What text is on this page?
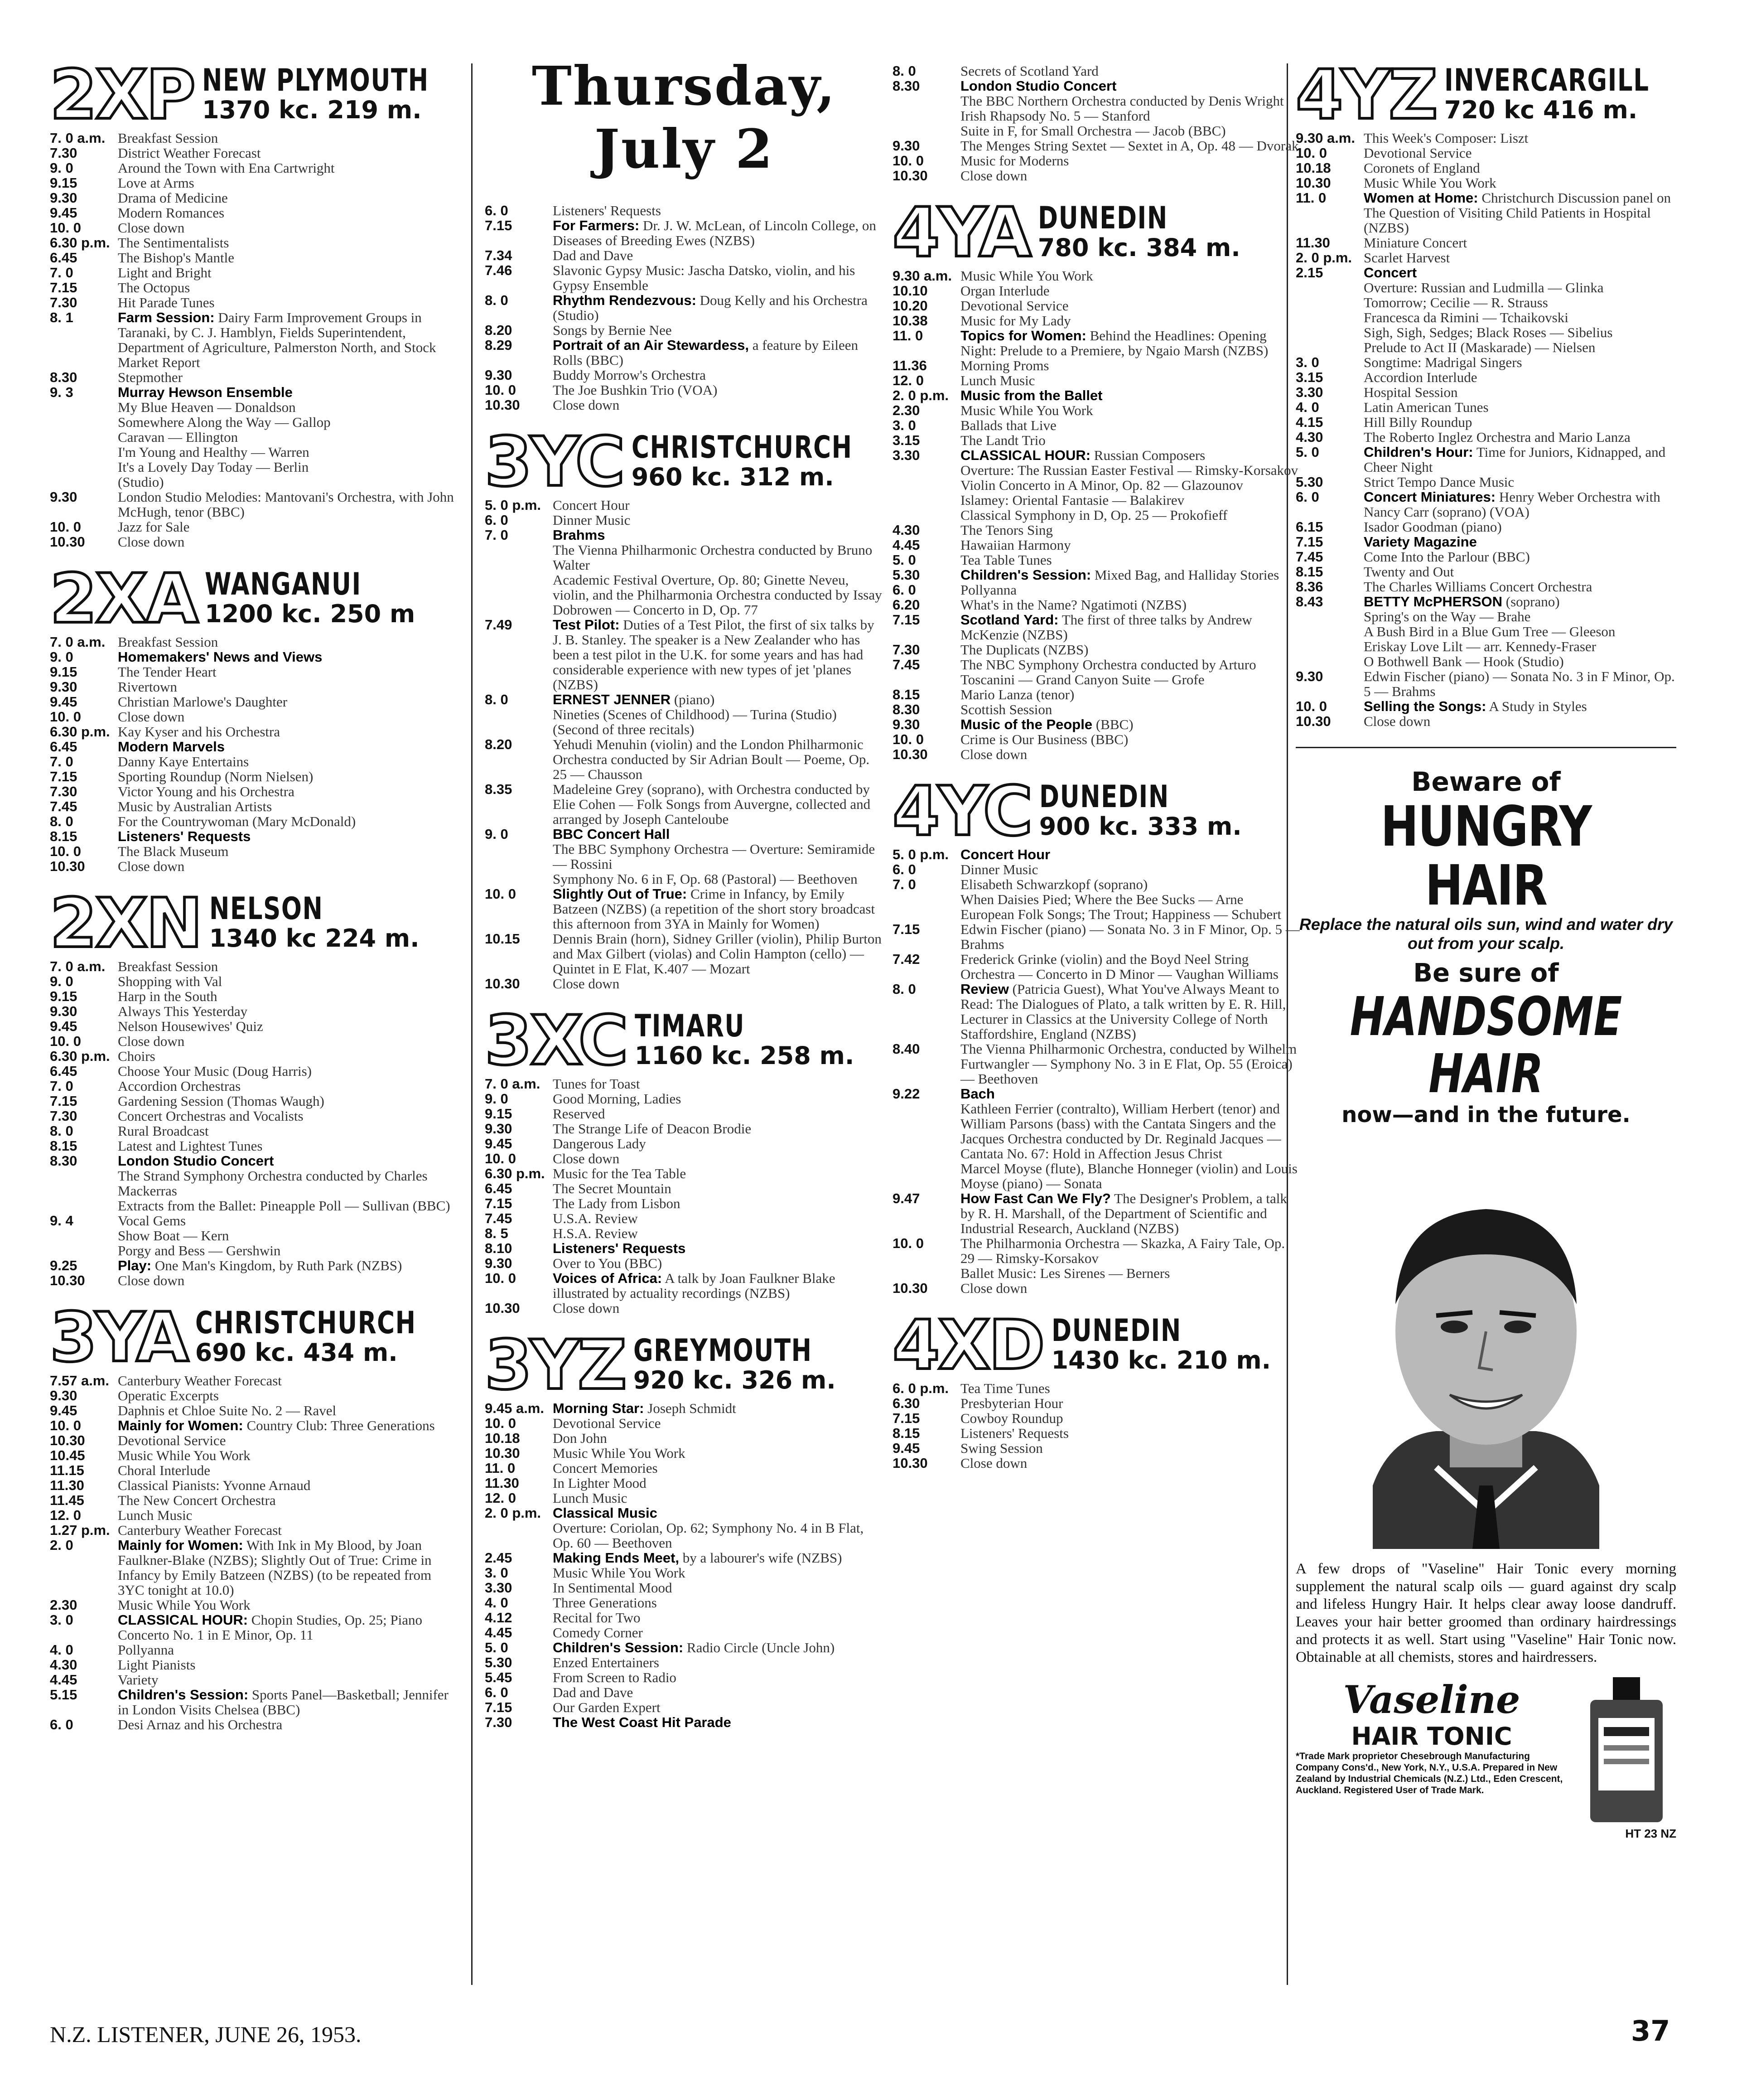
2XP NEW PLYMOUTH
1370 kc. 219 m.
7. 0 a.m. Breakfast Session
7.30	District Weather Forecast
9. 0	Around the Town with Ena Cartwright
9.15	Love at Arms
9.30	Drama of Medicine
9.45	Modern Romances
10. 0	Close down
6.30 p.m. The Sentimentalists
6.45	The Bishop's Mantle
7. 0	Light and Bright
7.15	The Octopus
7.30	Hit Parade Tunes
8. 1	Farm Session: Dairy Farm Improvement Groups in Taranaki, by C. J. Hamblyn, Fields Superintendent, Department of Agriculture, Palmerston North, and Stock Market Report
8.30	Stepmother
9. 3	Murray Hewson Ensemble
My Blue Heaven — Donaldson
Somewhere Along the Way — Gallop
Caravan — Ellington
I'm Young and Healthy — Warren
It's a Lovely Day Today — Berlin
(Studio)
9.30	London Studio Melodies: Mantovani's Orchestra, with John McHugh, tenor (BBC)
10. 0	Jazz for Sale
10.30	Close down
2XA WANGANUI
1200 kc. 250 m
7. 0 a.m. Breakfast Session
9. 0	Homemakers' News and Views
9.15	The Tender Heart
9.30	Rivertown
9.45	Christian Marlowe's Daughter
10. 0	Close down
6.30 p.m. Kay Kyser and his Orchestra
6.45	Modern Marvels
7. 0	Danny Kaye Entertains
7.15	Sporting Roundup (Norm Nielsen)
7.30	Victor Young and his Orchestra
7.45	Music by Australian Artists
8. 0	For the Countrywoman (Mary McDonald)
8.15	Listeners' Requests
10. 0	The Black Museum
10.30	Close down
2XN NELSON
1340 kc 224 m.
7. 0 a.m. Breakfast Session
9. 0	Shopping with Val
9.15	Harp in the South
9.30	Always This Yesterday
9.45	Nelson Housewives' Quiz
10. 0	Close down
6.30 p.m. Choirs
6.45	Choose Your Music (Doug Harris)
7. 0	Accordion Orchestras
7.15	Gardening Session (Thomas Waugh)
7.30	Concert Orchestras and Vocalists
8. 0	Rural Broadcast
8.15	Latest and Lightest Tunes
8.30	London Studio Concert
The Strand Symphony Orchestra conducted by Charles Mackerras
Extracts from the Ballet: Pineapple Poll — Sullivan (BBC)
9. 4	Vocal Gems
Show Boat — Kern
Porgy and Bess — Gershwin
9.25	Play: One Man's Kingdom, by Ruth Park (NZBS)
10.30	Close down
3YA CHRISTCHURCH
690 kc. 434 m.
7.57 a.m. Canterbury Weather Forecast
9.30	Operatic Excerpts
9.45	Daphnis et Chloe Suite No. 2 — Ravel
10. 0	Mainly for Women: Country Club: Three Generations
10.30	Devotional Service
10.45	Music While You Work
11.15	Choral Interlude
11.30	Classical Pianists: Yvonne Arnaud
11.45	The New Concert Orchestra
12. 0	Lunch Music
1.27 p.m. Canterbury Weather Forecast
2. 0	Mainly for Women: With Ink in My Blood, by Joan Faulkner-Blake (NZBS); Slightly Out of True: Crime in Infancy by Emily Batzeen (NZBS) (to be repeated from 3YC tonight at 10.0)
2.30	Music While You Work
3. 0	CLASSICAL HOUR: Chopin Studies, Op. 25; Piano Concerto No. 1 in E Minor, Op. 11
4. 0	Pollyanna
4.30	Light Pianists
4.45	Variety
5.15	Children's Session: Sports Panel—Basketball; Jennifer in London Visits Chelsea (BBC)
6. 0	Desi Arnaz and his Orchestra
Thursday, July 2
6. 0	Listeners' Requests
7.15	For Farmers: Dr. J. W. McLean, of Lincoln College, on Diseases of Breeding Ewes (NZBS)
7.34	Dad and Dave
7.46	Slavonic Gypsy Music: Jascha Datsko, violin, and his Gypsy Ensemble
8. 0	Rhythm Rendezvous: Doug Kelly and his Orchestra (Studio)
8.20	Songs by Bernie Nee
8.29	Portrait of an Air Stewardess, a feature by Eileen Rolls (BBC)
9.30	Buddy Morrow's Orchestra
10. 0	The Joe Bushkin Trio (VOA)
10.30	Close down
3YC CHRISTCHURCH
960 kc. 312 m.
5. 0 p.m. Concert Hour
6. 0	Dinner Music
7. 0	Brahms
The Vienna Philharmonic Orchestra conducted by Bruno Walter
Academic Festival Overture, Op. 80; Ginette Neveu, violin, and the Philharmonia Orchestra conducted by Issay Dobrowen — Concerto in D, Op. 77
7.49	Test Pilot: Duties of a Test Pilot, the first of six talks by J. B. Stanley. The speaker is a New Zealander who has been a test pilot in the U.K. for some years and has had considerable experience with new types of jet 'planes (NZBS)
8. 0	ERNEST JENNER (piano)
Nineties (Scenes of Childhood) — Turina (Studio)
(Second of three recitals)
8.20	Yehudi Menuhin (violin) and the London Philharmonic Orchestra conducted by Sir Adrian Boult — Poeme, Op. 25 — Chausson
8.35	Madeleine Grey (soprano), with Orchestra conducted by Elie Cohen — Folk Songs from Auvergne, collected and arranged by Joseph Canteloube
9. 0	BBC Concert Hall
The BBC Symphony Orchestra — Overture: Semiramide — Rossini
Symphony No. 6 in F, Op. 68 (Pastoral) — Beethoven
10. 0	Slightly Out of True: Crime in Infancy, by Emily Batzeen (NZBS) (a repetition of the short story broadcast this afternoon from 3YA in Mainly for Women)
10.15	Dennis Brain (horn), Sidney Griller (violin), Philip Burton and Max Gilbert (violas) and Colin Hampton (cello) — Quintet in E Flat, K.407 — Mozart
10.30	Close down
3XC TIMARU
1160 kc. 258 m.
7. 0 a.m. Tunes for Toast
9. 0	Good Morning, Ladies
9.15	Reserved
9.30	The Strange Life of Deacon Brodie
9.45	Dangerous Lady
10. 0	Close down
6.30 p.m. Music for the Tea Table
6.45	The Secret Mountain
7.15	The Lady from Lisbon
7.45	U.S.A. Review
8. 5	H.S.A. Review
8.10	Listeners' Requests
9.30	Over to You (BBC)
10. 0	Voices of Africa: A talk by Joan Faulkner Blake illustrated by actuality recordings (NZBS)
10.30	Close down
3YZ GREYMOUTH
920 kc. 326 m.
9.45 a.m. Morning Star: Joseph Schmidt
10. 0	Devotional Service
10.18	Don John
10.30	Music While You Work
11. 0	Concert Memories
11.30	In Lighter Mood
12. 0	Lunch Music
2. 0 p.m. Classical Music
Overture: Coriolan, Op. 62; Symphony No. 4 in B Flat, Op. 60 — Beethoven
2.45	Making Ends Meet, by a labourer's wife (NZBS)
3. 0	Music While You Work
3.30	In Sentimental Mood
4. 0	Three Generations
4.12	Recital for Two
4.45	Comedy Corner
5. 0	Children's Session: Radio Circle (Uncle John)
5.30	Enzed Entertainers
5.45	From Screen to Radio
6. 0	Dad and Dave
7.15	Our Garden Expert
7.30	The West Coast Hit Parade
8. 0	Secrets of Scotland Yard
8.30	London Studio Concert
The BBC Northern Orchestra conducted by Denis Wright
Irish Rhapsody No. 5 — Stanford
Suite in F, for Small Orchestra — Jacob (BBC)
9.30	The Menges String Sextet — Sextet in A, Op. 48 — Dvorak
10. 0	Music for Moderns
10.30	Close down
4YA DUNEDIN
780 kc. 384 m.
9.30 a.m. Music While You Work
10.10	Organ Interlude
10.20	Devotional Service
10.38	Music for My Lady
11. 0	Topics for Women: Behind the Headlines: Opening Night: Prelude to a Premiere, by Ngaio Marsh (NZBS)
11.36	Morning Proms
12. 0	Lunch Music
2. 0 p.m. Music from the Ballet
2.30	Music While You Work
3. 0	Ballads that Live
3.15	The Landt Trio
3.30	CLASSICAL HOUR: Russian Composers
Overture: The Russian Easter Festival — Rimsky-Korsakov
Violin Concerto in A Minor, Op. 82 — Glazounov
Islamey: Oriental Fantasie — Balakirev
Classical Symphony in D, Op. 25 — Prokofieff
4.30	The Tenors Sing
4.45	Hawaiian Harmony
5. 0	Tea Table Tunes
5.30	Children's Session: Mixed Bag, and Halliday Stories
6. 0	Pollyanna
6.20	What's in the Name? Ngatimoti (NZBS)
7.15	Scotland Yard: The first of three talks by Andrew McKenzie (NZBS)
7.30	The Duplicats (NZBS)
7.45	The NBC Symphony Orchestra conducted by Arturo Toscanini — Grand Canyon Suite — Grofe
8.15	Mario Lanza (tenor)
8.30	Scottish Session
9.30	Music of the People (BBC)
10. 0	Crime is Our Business (BBC)
10.30	Close down
4YC DUNEDIN
900 kc. 333 m.
5. 0 p.m. Concert Hour
6. 0	Dinner Music
7. 0	Elisabeth Schwarzkopf (soprano)
When Daisies Pied; Where the Bee Sucks — Arne
European Folk Songs; The Trout; Happiness — Schubert
7.15	Edwin Fischer (piano) — Sonata No. 3 in F Minor, Op. 5 — Brahms
7.42	Frederick Grinke (violin) and the Boyd Neel String Orchestra — Concerto in D Minor — Vaughan Williams
8. 0	Review (Patricia Guest), What You've Always Meant to Read: The Dialogues of Plato, a talk written by E. R. Hill, Lecturer in Classics at the University College of North Staffordshire, England (NZBS)
8.40	The Vienna Philharmonic Orchestra, conducted by Wilhelm Furtwangler — Symphony No. 3 in E Flat, Op. 55 (Eroica) — Beethoven
9.22	Bach
Kathleen Ferrier (contralto), William Herbert (tenor) and William Parsons (bass) with the Cantata Singers and the Jacques Orchestra conducted by Dr. Reginald Jacques — Cantata No. 67: Hold in Affection Jesus Christ
Marcel Moyse (flute), Blanche Honneger (violin) and Louis Moyse (piano) — Sonata
9.47	How Fast Can We Fly? The Designer's Problem, a talk by R. H. Marshall, of the Department of Scientific and Industrial Research, Auckland (NZBS)
10. 0	The Philharmonia Orchestra — Skazka, A Fairy Tale, Op. 29 — Rimsky-Korsakov
Ballet Music: Les Sirenes — Berners
10.30	Close down
4XD DUNEDIN
1430 kc. 210 m.
6. 0 p.m. Tea Time Tunes
6.30	Presbyterian Hour
7.15	Cowboy Roundup
8.15	Listeners' Requests
9.45	Swing Session
10.30	Close down
4YZ INVERCARGILL
720 kc 416 m.
9.30 a.m. This Week's Composer: Liszt
10. 0	Devotional Service
10.18	Coronets of England
10.30	Music While You Work
11. 0	Women at Home: Christchurch Discussion panel on The Question of Visiting Child Patients in Hospital (NZBS)
11.30	Miniature Concert
2. 0 p.m. Scarlet Harvest
2.15	Concert
Overture: Russian and Ludmilla — Glinka
Tomorrow; Cecilie — R. Strauss
Francesca da Rimini — Tchaikovski
Sigh, Sigh, Sedges; Black Roses — Sibelius
Prelude to Act II (Maskarade) — Nielsen
3. 0	Songtime: Madrigal Singers
3.15	Accordion Interlude
3.30	Hospital Session
4. 0	Latin American Tunes
4.15	Hill Billy Roundup
4.30	The Roberto Inglez Orchestra and Mario Lanza
5. 0	Children's Hour: Time for Juniors, Kidnapped, and Cheer Night
5.30	Strict Tempo Dance Music
6. 0	Concert Miniatures: Henry Weber Orchestra with Nancy Carr (soprano) (VOA)
6.15	Isador Goodman (piano)
7.15	Variety Magazine
7.45	Come Into the Parlour (BBC)
8.15	Twenty and Out
8.36	The Charles Williams Concert Orchestra
8.43	BETTY McPHERSON (soprano)
Spring's on the Way — Brahe
A Bush Bird in a Blue Gum Tree — Gleeson
Eriskay Love Lilt — arr. Kennedy-Fraser
O Bothwell Bank — Hook (Studio)
9.30	Edwin Fischer (piano) — Sonata No. 3 in F Minor, Op. 5 — Brahms
10. 0	Selling the Songs: A Study in Styles
10.30	Close down
Beware of
HUNGRY HAIR
Replace the natural oils sun, wind and water dry out from your scalp.
Be sure of
HANDSOME HAIR
now—and in the future.
A few drops of "Vaseline" Hair Tonic every morning supplement the natural scalp oils — guard against dry scalp and lifeless Hungry Hair. It helps clear away loose dandruff. Leaves your hair better groomed than ordinary hairdressings and protects it as well. Start using "Vaseline" Hair Tonic now. Obtainable at all chemists, stores and hairdressers.
Vaseline
HAIR TONIC
*Trade Mark proprietor Chesebrough Manufacturing Company Cons'd., New York, N.Y., U.S.A. Prepared in New Zealand by Industrial Chemicals (N.Z.) Ltd., Eden Crescent, Auckland. Registered User of Trade Mark.
HT 23 NZ
N.Z. LISTENER, JUNE 26, 1953.	37
